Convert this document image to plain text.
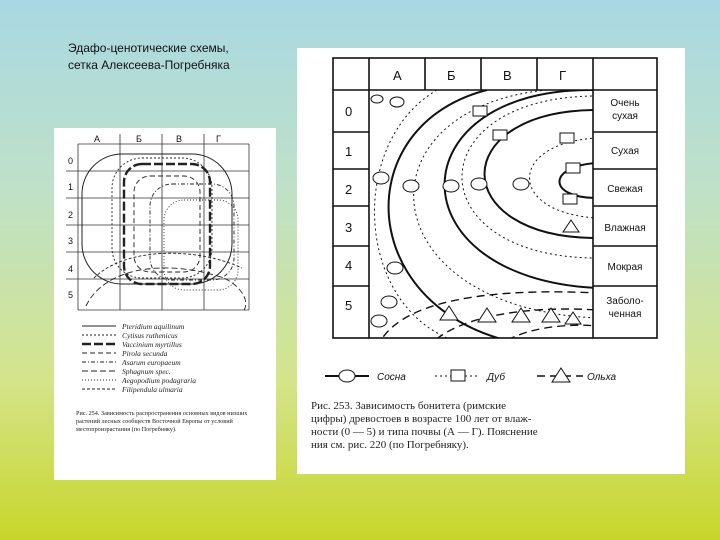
Эдафо-ценотические схемы,
сетка Алексеева-Погребняка
А	Б	В	Г
0
1
2
3
4
5
Pteridium aquilinum
Cytisus ruthenicus
Vaccinium myrtillus
Pirola secunda
Asarum europaeum
Sphagnum spec.
Aegopodium podagraria
Filipendula ulmaria
Рис. 254. Зависимость распространения основных видов низших растений лесных сообществ Восточной Европы от условий местопроизрастания (по Погребняку).
А	Б	В	Г
0
1
2
3
4
5
Очень
сухая
Сухая
Свежая
Влажная
Мокрая
Заболо-
ченная
Сосна	Дуб	Ольха
Рис. 253. Зависимость бонитета (римские
цифры) древостоев в возрасте 100 лет от влаж-
ности (0 — 5) и типа почвы (А — Г). Пояснение
ния см. рис. 220 (по Погребняку).
